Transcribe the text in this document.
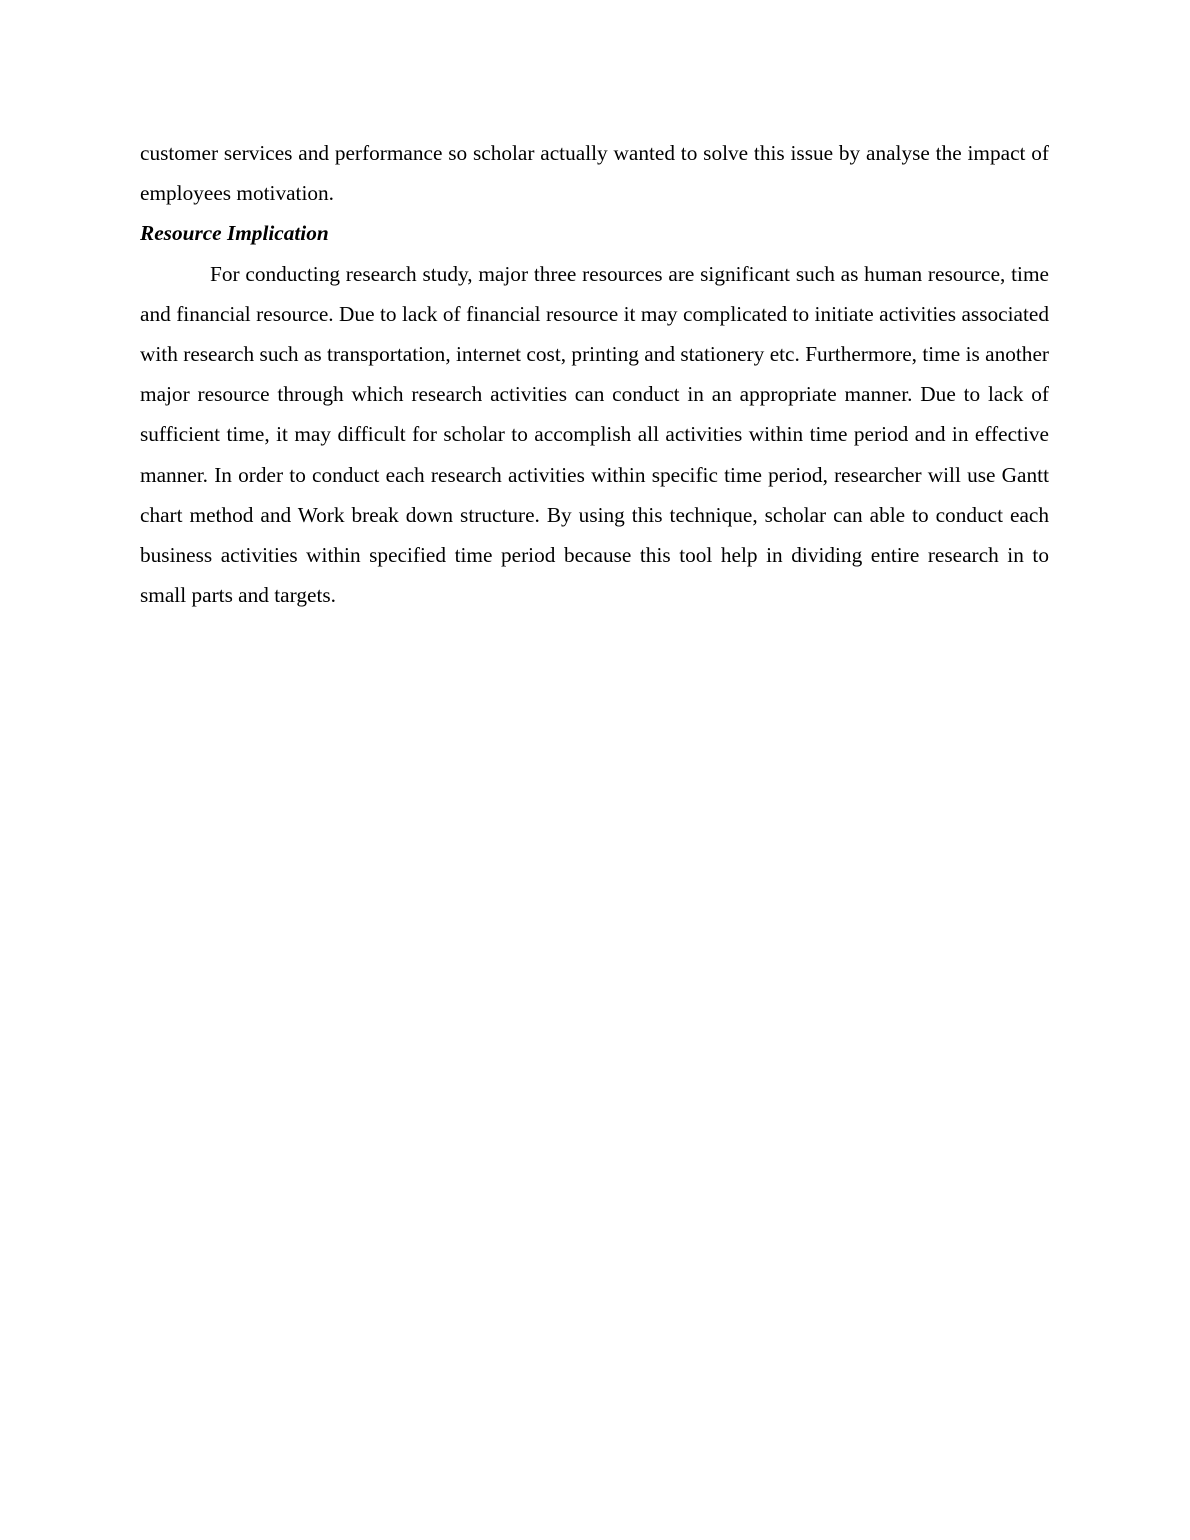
customer services and performance so scholar actually wanted to solve this issue by analyse the impact of employees motivation.

Resource Implication

For conducting research study, major three resources are significant such as human resource, time and financial resource. Due to lack of financial resource it may complicated to initiate activities associated with research such as transportation, internet cost, printing and stationery etc. Furthermore, time is another major resource through which research activities can conduct in an appropriate manner. Due to lack of sufficient time, it may difficult for scholar to accomplish all activities within time period and in effective manner. In order to conduct each research activities within specific time period, researcher will use Gantt chart method and Work break down structure. By using this technique, scholar can able to conduct each business activities within specified time period because this tool help in dividing entire research in to small parts and targets.
